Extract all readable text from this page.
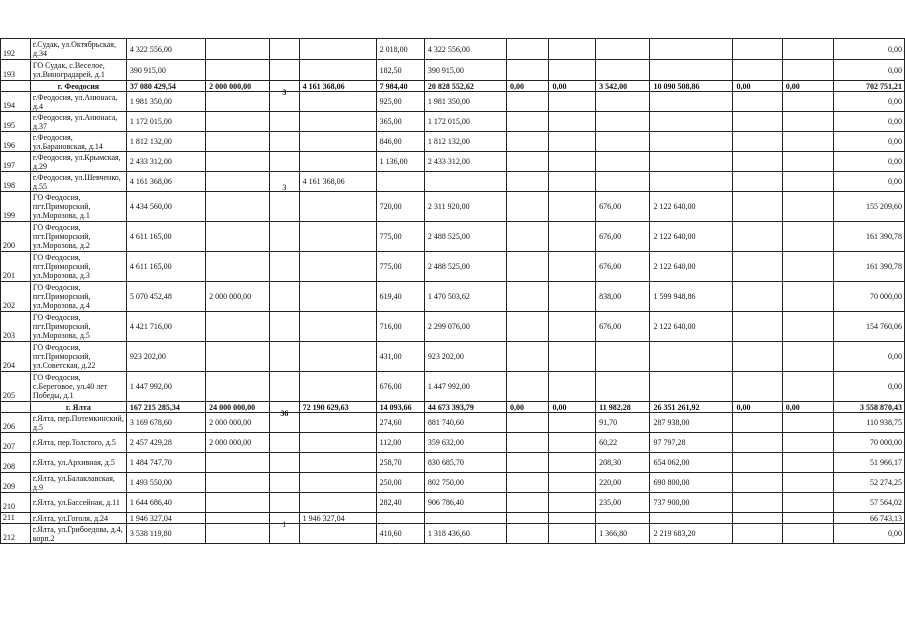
192	г.Судак, ул.Октябрьская, д.34	4 322 556,00				2 018,00	4 322 556,00							0,00
193	ГО Судак, с.Веселое, ул.Виноградарей, д.1	390 915,00				182,50	390 915,00							0,00
	г. Феодосия	37 080 429,54	2 000 000,00	3	4 161 368,06	7 984,40	20 828 552,62	0,00	0,00	3 542,00	10 090 508,86	0,00	0,00	702 751,21
194	г.Феодосия, ул.Анюнаса, д.4	1 981 350,00				925,00	1 981 350,00							0,00
195	г.Феодосия, ул.Анюнаса, д.37	1 172 015,00				365,00	1 172 015,00							0,00
196	г.Феодосия, ул.Барановская, д.14	1 812 132,00				846,00	1 812 132,00							0,00
197	г.Феодосия, ул.Крымская, д.29	2 433 312,00				1 136,00	2 433 312,00							0,00
198	г.Феодосия, ул.Шевченко, д.55	4 161 368,06		3	4 161 368,06									0,00
199	ГО Феодосия, пгт.Приморский, ул.Морозова, д.1	4 434 560,00				720,00	2 311 920,00			676,00	2 122 640,00			155 209,60
200	ГО Феодосия, пгт.Приморский, ул.Морозова, д.2	4 611 165,00				775,00	2 488 525,00			676,00	2 122 640,00			161 390,78
201	ГО Феодосия, пгт.Приморский, ул.Морозова, д.3	4 611 165,00				775,00	2 488 525,00			676,00	2 122 640,00			161 390,78
202	ГО Феодосия, пгт.Приморский, ул.Морозова, д.4	5 070 452,48	2 000 000,00			619,40	1 470 503,62			838,00	1 599 948,86			70 000,00
203	ГО Феодосия, пгт.Приморский, ул.Морозова, д.5	4 421 716,00				716,00	2 299 076,00			676,00	2 122 640,00			154 760,06
204	ГО Феодосия, пгт.Приморский, ул.Советская, д.22	923 202,00				431,00	923 202,00							0,00
205	ГО Феодосия, с.Береговое, ул.40 лет Победы, д.1	1 447 992,00				676,00	1 447 992,00							0,00
	г. Ялта	167 215 285,34	24 000 000,00	36	72 190 629,63	14 093,66	44 673 393,79	0,00	0,00	11 982,28	26 351 261,92	0,00	0,00	3 558 870,43
206	г.Ялта, пер.Потемкинский, д.5	3 169 678,60	2 000 000,00			274,60	881 740,60			91,70	287 938,00			110 938,75
207	г.Ялта, пер.Толстого, д.5	2 457 429,28	2 000 000,00			112,00	359 632,00			60,22	97 797,28			70 000,00
208	г.Ялта, ул.Архивная, д.5	1 484 747,70				258,70	830 685,70			208,30	654 062,00			51 966,17
209	г.Ялта, ул.Балаклавская, д.9	1 493 550,00				250,00	802 750,00			220,00	690 800,00			52 274,25
210	г.Ялта, ул.Бассейная, д.11	1 644 686,40				282,40	906 786,40			235,00	737 900,00			57 564,02
211	г.Ялта, ул.Гоголя, д.24	1 946 327,04		1	1 946 327,04									66 743,13
212	г.Ялта, ул.Грибоедова, д.4, корп.2	3 538 119,80				410,60	1 318 436,60			1 366,80	2 219 683,20			0,00
